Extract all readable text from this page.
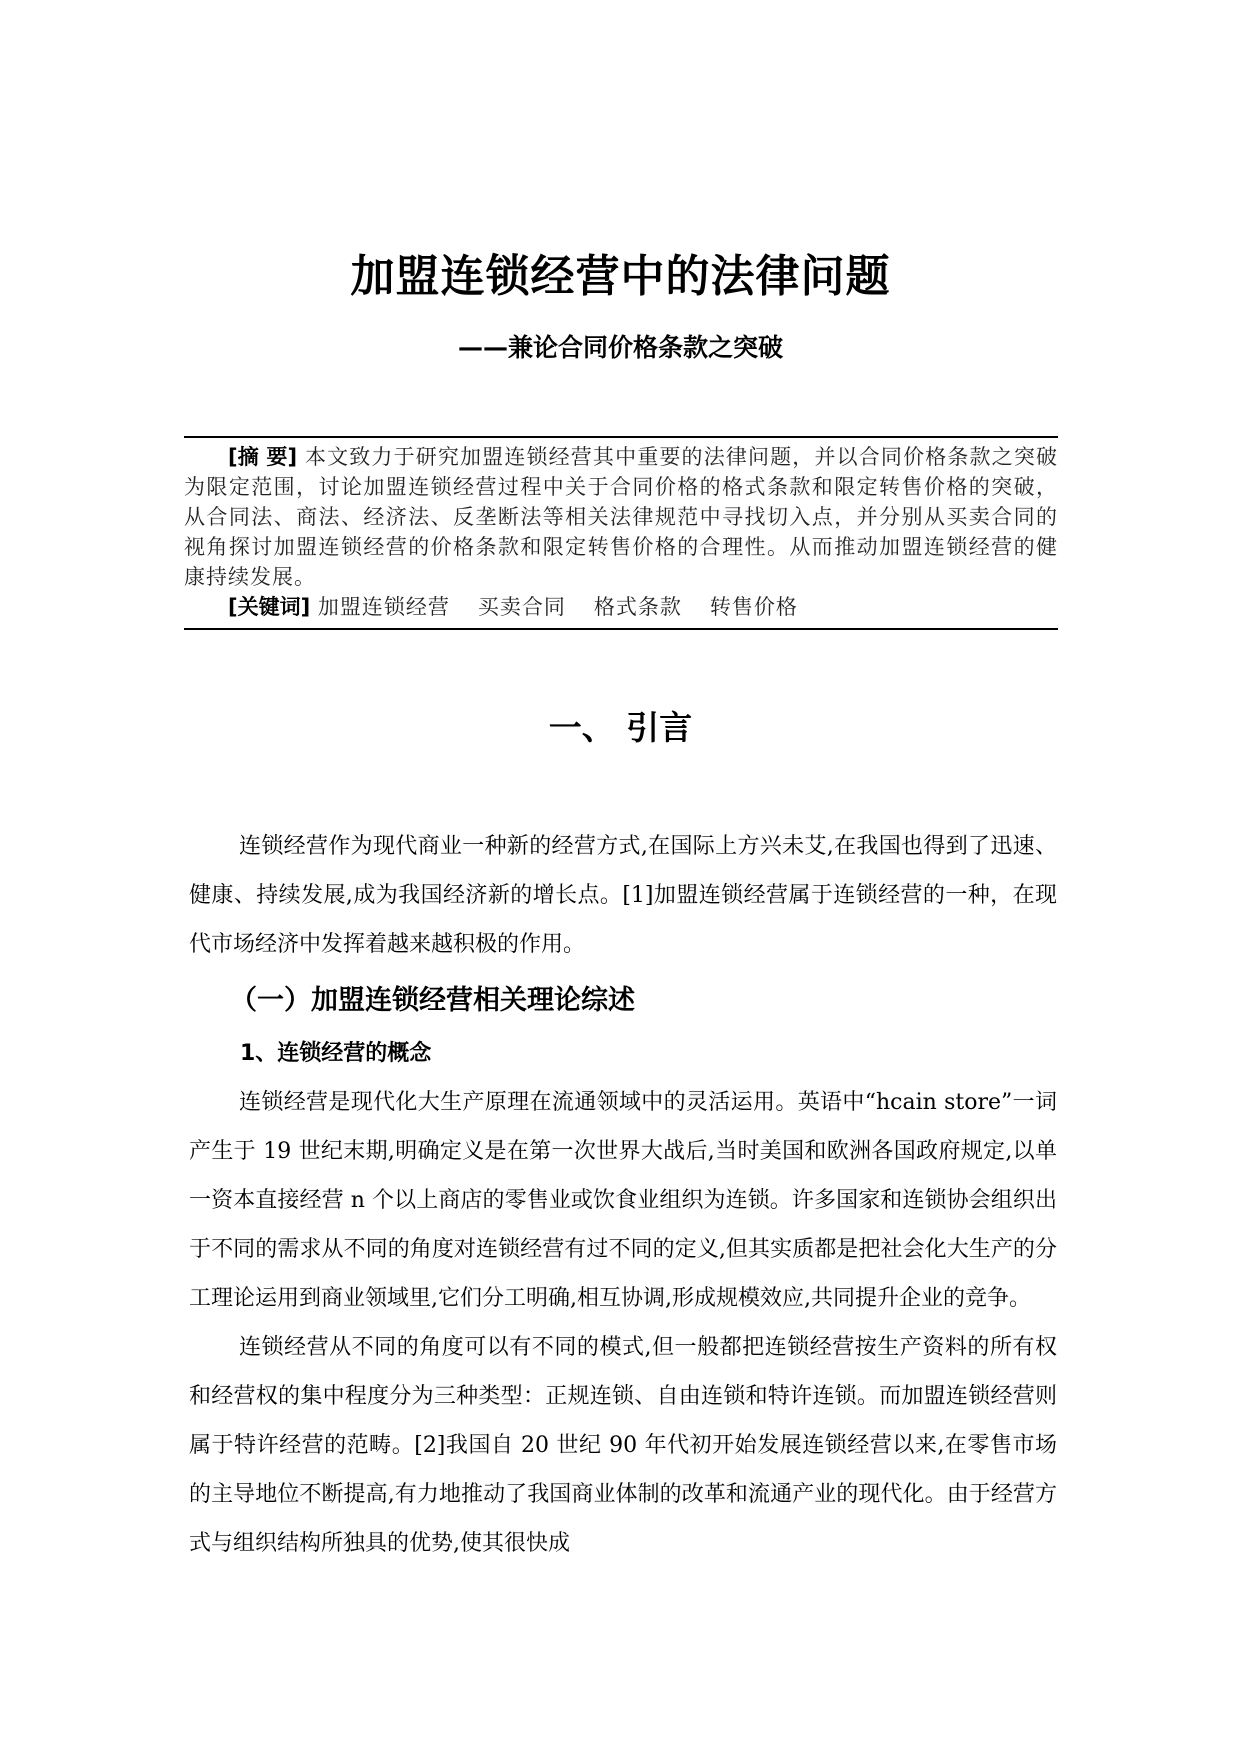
加盟连锁经营中的法律问题
——兼论合同价格条款之突破

[摘 要] 本文致力于研究加盟连锁经营其中重要的法律问题，并以合同价格条款之突破为限定范围，讨论加盟连锁经营过程中关于合同价格的格式条款和限定转售价格的突破，从合同法、商法、经济法、反垄断法等相关法律规范中寻找切入点，并分别从买卖合同的视角探讨加盟连锁经营的价格条款和限定转售价格的合理性。从而推动加盟连锁经营的健康持续发展。

[关键词] 加盟连锁经营 买卖合同 格式条款 转售价格

一、 引言

连锁经营作为现代商业一种新的经营方式,在国际上方兴未艾,在我国也得到了迅速、健康、持续发展,成为我国经济新的增长点。[1]加盟连锁经营属于连锁经营的一种，在现代市场经济中发挥着越来越积极的作用。

（一）加盟连锁经营相关理论综述
1、连锁经营的概念

连锁经营是现代化大生产原理在流通领域中的灵活运用。英语中“hcain store”一词产生于 19 世纪末期,明确定义是在第一次世界大战后,当时美国和欧洲各国政府规定,以单一资本直接经营 n 个以上商店的零售业或饮食业组织为连锁。许多国家和连锁协会组织出于不同的需求从不同的角度对连锁经营有过不同的定义,但其实质都是把社会化大生产的分工理论运用到商业领域里,它们分工明确,相互协调,形成规模效应,共同提升企业的竞争。

连锁经营从不同的角度可以有不同的模式,但一般都把连锁经营按生产资料的所有权和经营权的集中程度分为三种类型：正规连锁、自由连锁和特许连锁。而加盟连锁经营则属于特许经营的范畴。[2]我国自 20 世纪 90 年代初开始发展连锁经营以来,在零售市场的主导地位不断提高,有力地推动了我国商业体制的改革和流通产业的现代化。由于经营方式与组织结构所独具的优势,使其很快成
